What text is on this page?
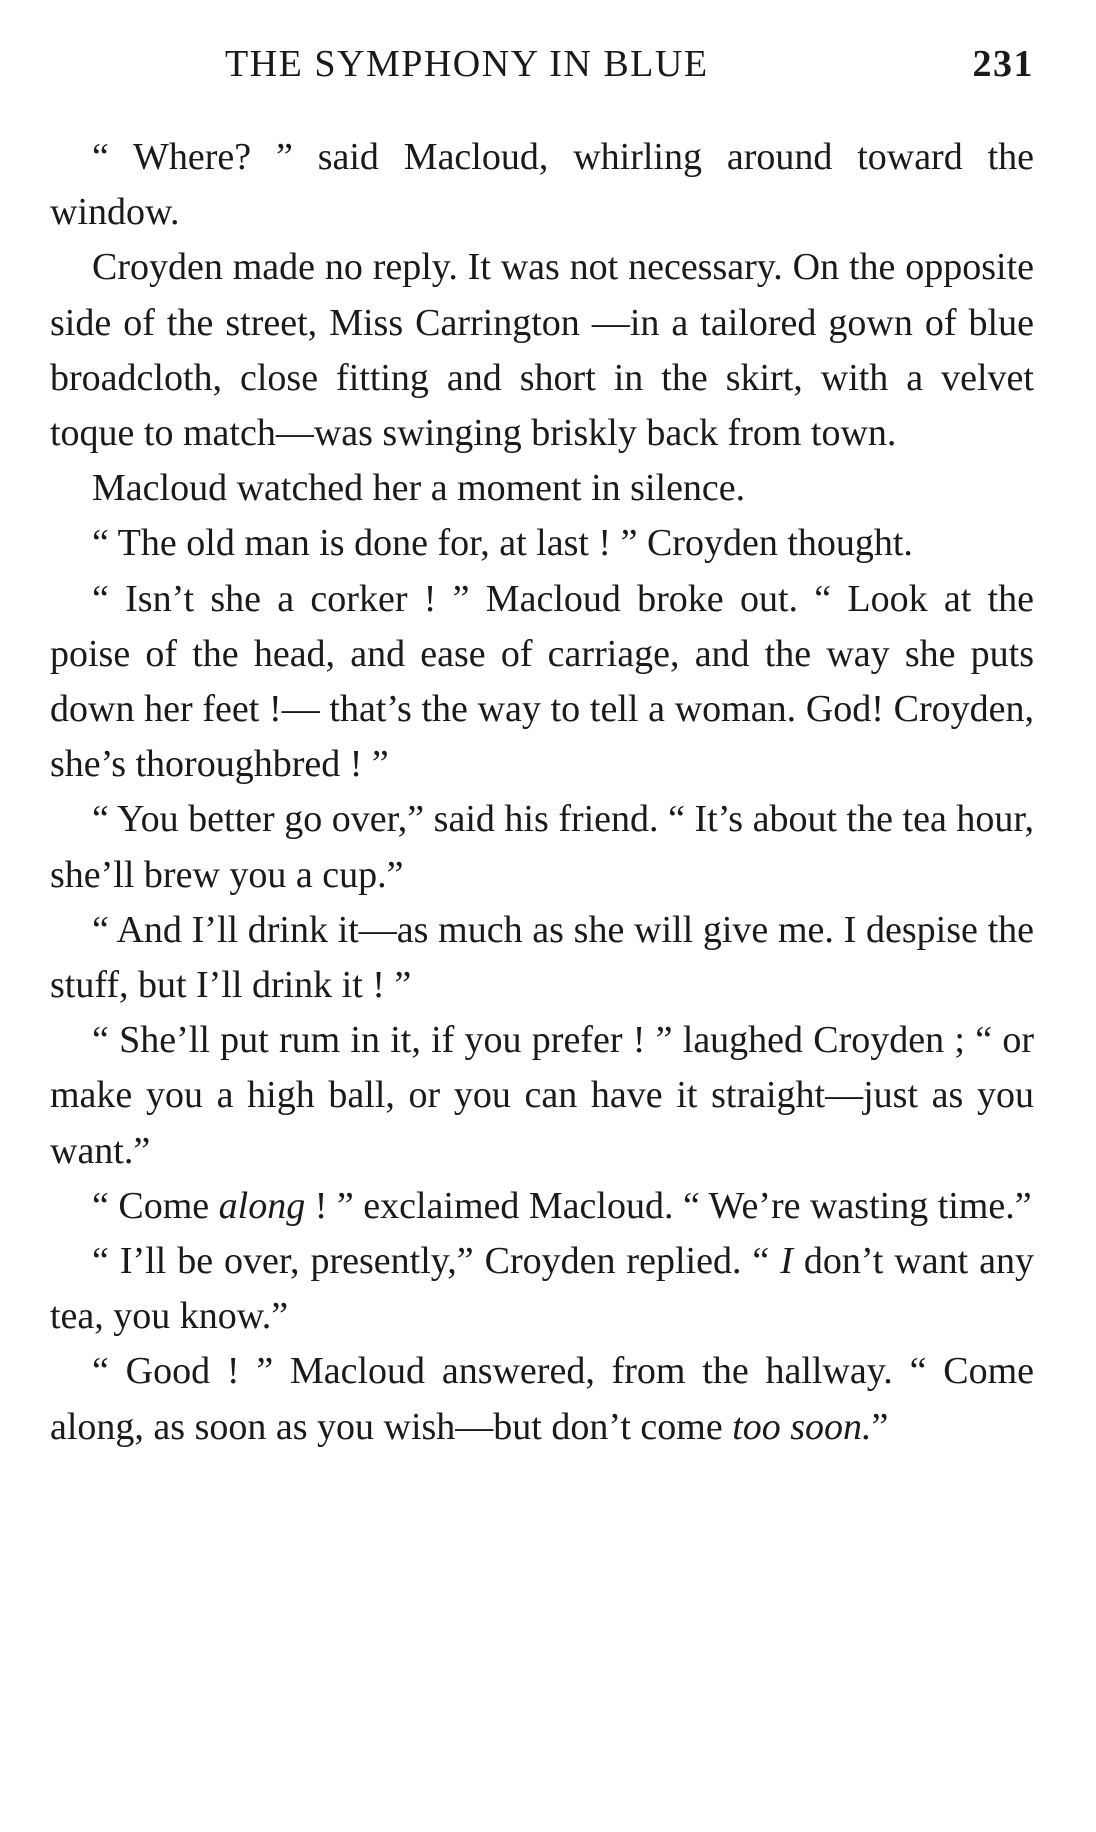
THE SYMPHONY IN BLUE	231

“ Where? ” said Macloud, whirling around toward the window.

Croyden made no reply. It was not necessary. On the opposite side of the street, Miss Carrington —in a tailored gown of blue broadcloth, close fitting and short in the skirt, with a velvet toque to match—was swinging briskly back from town.

Macloud watched her a moment in silence.

“ The old man is done for, at last ! ” Croyden thought.

“ Isn’t she a corker ! ” Macloud broke out. “ Look at the poise of the head, and ease of carriage, and the way she puts down her feet !— that’s the way to tell a woman. God! Croyden, she’s thoroughbred ! ”

“ You better go over,” said his friend. “ It’s about the tea hour, she’ll brew you a cup.”

“ And I’ll drink it—as much as she will give me. I despise the stuff, but I’ll drink it ! ”

“ She’ll put rum in it, if you prefer ! ” laughed Croyden ; “ or make you a high ball, or you can have it straight—just as you want.”

“ Come along ! ” exclaimed Macloud. “ We’re wasting time.”

“ I’ll be over, presently,” Croyden replied. “ I don’t want any tea, you know.”

“ Good ! ” Macloud answered, from the hallway. “ Come along, as soon as you wish—but don’t come too soon.”
